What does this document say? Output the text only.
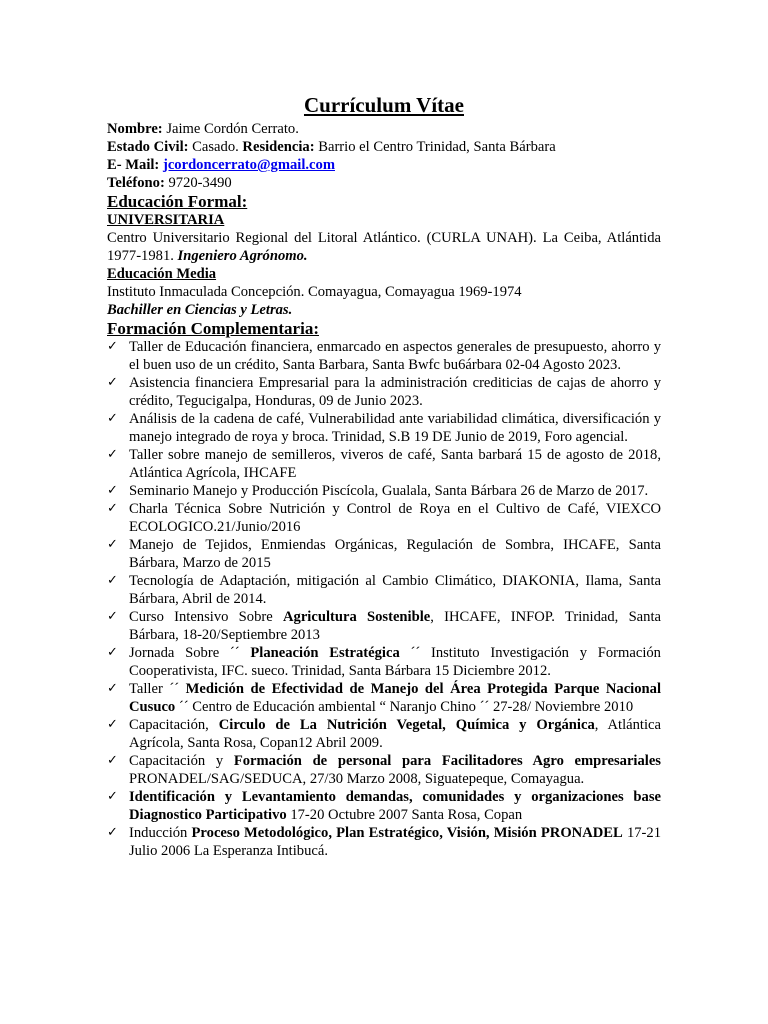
Currículum Vítae

Nombre: Jaime Cordón Cerrato.

Estado Civil: Casado. Residencia: Barrio el Centro Trinidad, Santa Bárbara

E- Mail: jcordoncerrato@gmail.com

Teléfono: 9720-3490

Educación Formal:

UNIVERSITARIA

Centro Universitario Regional del Litoral Atlántico. (CURLA UNAH). La Ceiba, Atlántida 1977-1981. Ingeniero Agrónomo.

Educación Media

Instituto Inmaculada Concepción. Comayagua, Comayagua 1969-1974

Bachiller en Ciencias y Letras.

Formación Complementaria:
✓ Taller de Educación financiera, enmarcado en aspectos generales de presupuesto, ahorro y el buen uso de un crédito, Santa Barbara, Santa Bwfc bu6árbara 02-04 Agosto 2023.
✓ Asistencia financiera Empresarial para la administración crediticias de cajas de ahorro y crédito, Tegucigalpa, Honduras, 09 de Junio 2023.
✓ Análisis de la cadena de café, Vulnerabilidad ante variabilidad climática, diversificación y manejo integrado de roya y broca. Trinidad, S.B 19 DE Junio de 2019, Foro agencial.
✓ Taller sobre manejo de semilleros, viveros de café, Santa barbará 15 de agosto de 2018, Atlántica Agrícola, IHCAFE
✓ Seminario Manejo y Producción Piscícola, Gualala, Santa Bárbara 26 de Marzo de 2017.
✓ Charla Técnica Sobre Nutrición y Control de Roya en el Cultivo de Café, VIEXCO ECOLOGICO.21/Junio/2016
✓ Manejo de Tejidos, Enmiendas Orgánicas, Regulación de Sombra, IHCAFE, Santa Bárbara, Marzo de 2015
✓ Tecnología de Adaptación, mitigación al Cambio Climático, DIAKONIA, Ilama, Santa Bárbara, Abril de 2014.
✓ Curso Intensivo Sobre Agricultura Sostenible, IHCAFE, INFOP. Trinidad, Santa Bárbara, 18-20/Septiembre 2013
✓ Jornada Sobre ´´ Planeación Estratégica ´´ Instituto Investigación y Formación Cooperativista, IFC. sueco. Trinidad, Santa Bárbara 15 Diciembre 2012.
✓ Taller ´´ Medición de Efectividad de Manejo del Área Protegida Parque Nacional Cusuco ´´ Centro de Educación ambiental “ Naranjo Chino ´´ 27-28/ Noviembre 2010
✓ Capacitación, Circulo de La Nutrición Vegetal, Química y Orgánica, Atlántica Agrícola, Santa Rosa, Copan12 Abril 2009.
✓ Capacitación y Formación de personal para Facilitadores Agro empresariales PRONADEL/SAG/SEDUCA, 27/30 Marzo 2008, Siguatepeque, Comayagua.
✓ Identificación y Levantamiento demandas, comunidades y organizaciones base Diagnostico Participativo 17-20 Octubre 2007 Santa Rosa, Copan
✓ Inducción Proceso Metodológico, Plan Estratégico, Visión, Misión PRONADEL 17-21 Julio 2006 La Esperanza Intibucá.
